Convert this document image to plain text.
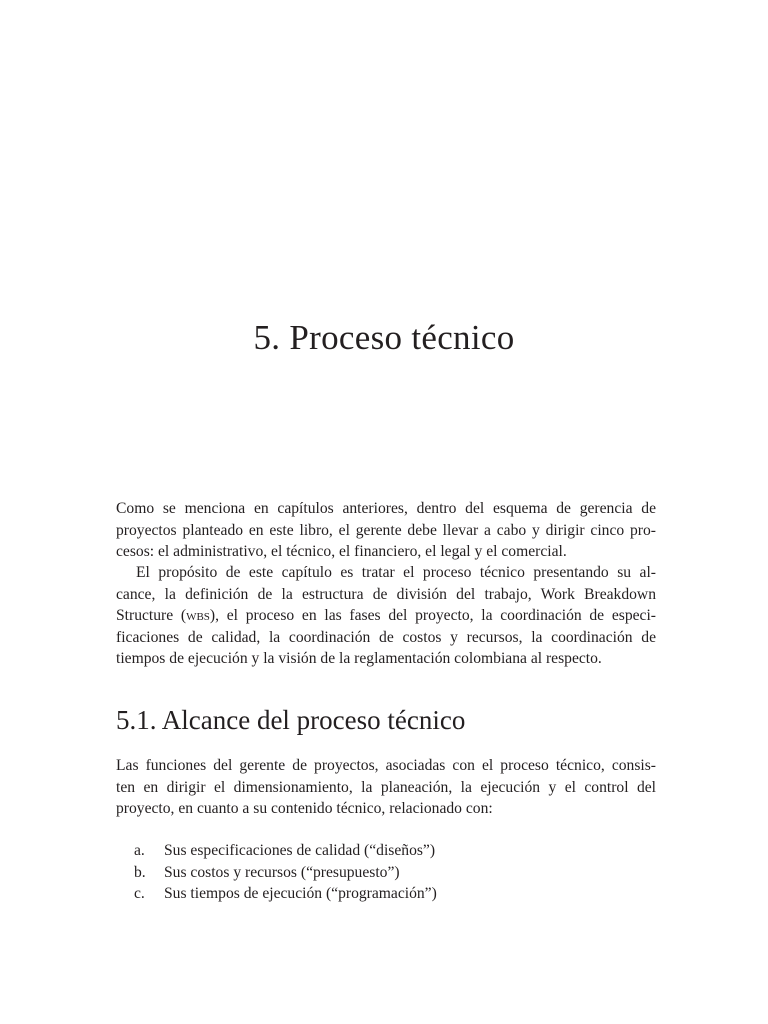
5. Proceso técnico

Como se menciona en capítulos anteriores, dentro del esquema de gerencia de
proyectos planteado en este libro, el gerente debe llevar a cabo y dirigir cinco pro-
cesos: el administrativo, el técnico, el financiero, el legal y el comercial.

El propósito de este capítulo es tratar el proceso técnico presentando su al-
cance, la definición de la estructura de división del trabajo, Work Breakdown
Structure (wbs), el proceso en las fases del proyecto, la coordinación de especi-
ficaciones de calidad, la coordinación de costos y recursos, la coordinación de
tiempos de ejecución y la visión de la reglamentación colombiana al respecto.

5.1. Alcance del proceso técnico

Las funciones del gerente de proyectos, asociadas con el proceso técnico, consis-
ten en dirigir el dimensionamiento, la planeación, la ejecución y el control del
proyecto, en cuanto a su contenido técnico, relacionado con:

a. Sus especificaciones de calidad (“diseños”)
b. Sus costos y recursos (“presupuesto”)
c. Sus tiempos de ejecución (“programación”)
